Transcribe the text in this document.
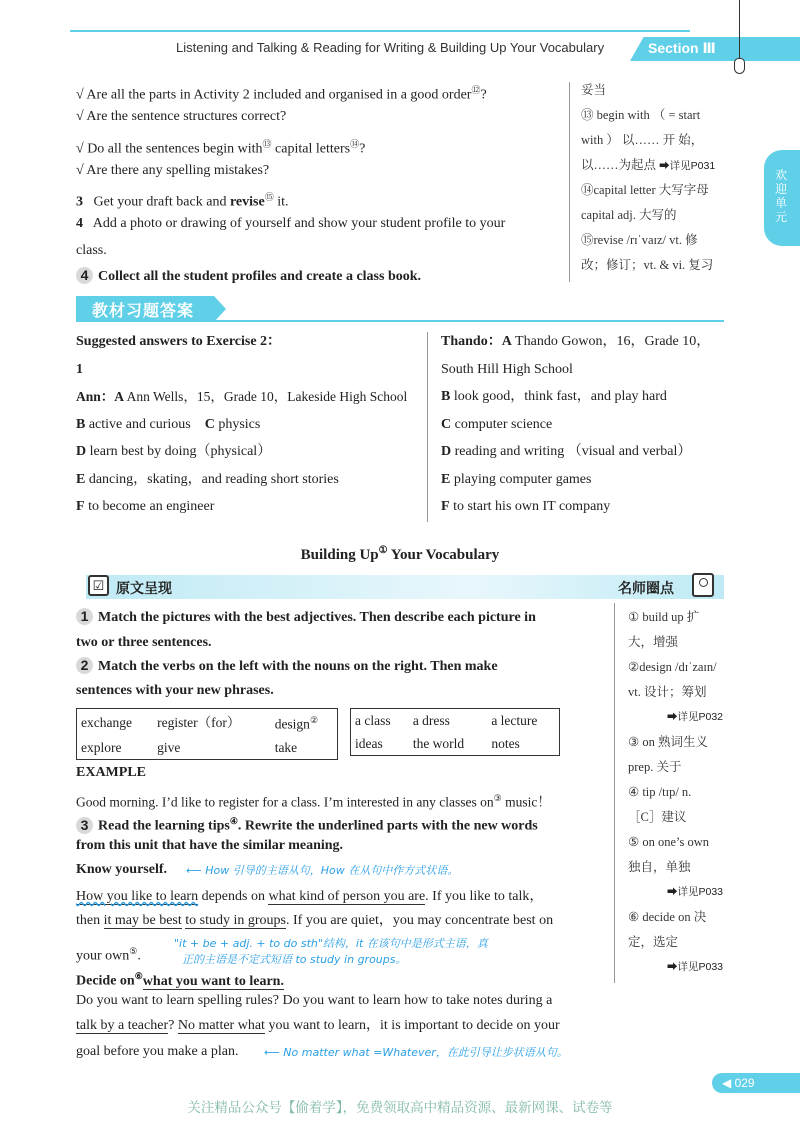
Listening and Talking & Reading for Writing & Building Up Your Vocabulary	Section Ⅲ
欢迎单元
√ Are all the parts in Activity 2 included and organised in a good order⑫?
√ Are the sentence structures correct?
√ Do all the sentences begin with⑬ capital letters⑭?
√ Are there any spelling mistakes?
3 Get your draft back and revise⑮ it.
4 Add a photo or drawing of yourself and show your student profile to your
class.
4 Collect all the student profiles and create a class book.
妥当
⑬ begin with （ = start
with ） 以…… 开 始，
以……为起点 ➡详见P031
⑭capital letter 大写字母
capital adj. 大写的
⑮revise /rɪˈvaɪz/ vt. 修
改；修订；vt. & vi. 复习
教材习题答案
Suggested answers to Exercise 2：
1
Ann：A Ann Wells，15，Grade 10，Lakeside High School
B active and curious C physics
D learn best by doing（physical）
E dancing，skating，and reading short stories
F to become an engineer
Thando：A Thando Gowon，16，Grade 10，
South Hill High School
B look good，think fast，and play hard
C computer science
D reading and writing （visual and verbal）
E playing computer games
F to start his own IT company
Building Up① Your Vocabulary
☑ 原文呈现	名师圈点
1 Match the pictures with the best adjectives. Then describe each picture in
two or three sentences.
2 Match the verbs on the left with the nouns on the right. Then make
sentences with your new phrases.
exchange	register（for）	design②
explore	give	take
a class	a dress	a lecture
ideas	the world	notes
EXAMPLE
Good morning. I’d like to register for a class. I’m interested in any classes on③ music！
3 Read the learning tips④. Rewrite the underlined parts with the new words
from this unit that have the similar meaning.
Know yourself.
How you like to learn depends on what kind of person you are. If you like to talk，
then it may be best to study in groups. If you are quiet，you may concentrate best on
your own⑤.
Decide on⑥what you want to learn.
Do you want to learn spelling rules? Do you want to learn how to take notes during a
talk by a teacher? No matter what you want to learn，it is important to decide on your
goal before you make a plan.
⟵ How 引导的主语从句，How 在从句中作方式状语。
"it + be + adj. + to do sth"结构，it 在该句中是形式主语，真
正的主语是不定式短语 to study in groups。
⟵ No matter what =Whatever，在此引导让步状语从句。
① build up 扩
大，增强
②design /dɪˈzaɪn/
vt. 设计；筹划
➡详见P032
③ on 熟词生义
prep. 关于
④ tip /tɪp/ n.
［C］建议
⑤ on one’s own
独自，单独
➡详见P033
⑥ decide on 决
定，选定
➡详见P033
◀ 029
关注精品公众号【偷着学】，免费领取高中精品资源、最新网课、试卷等
